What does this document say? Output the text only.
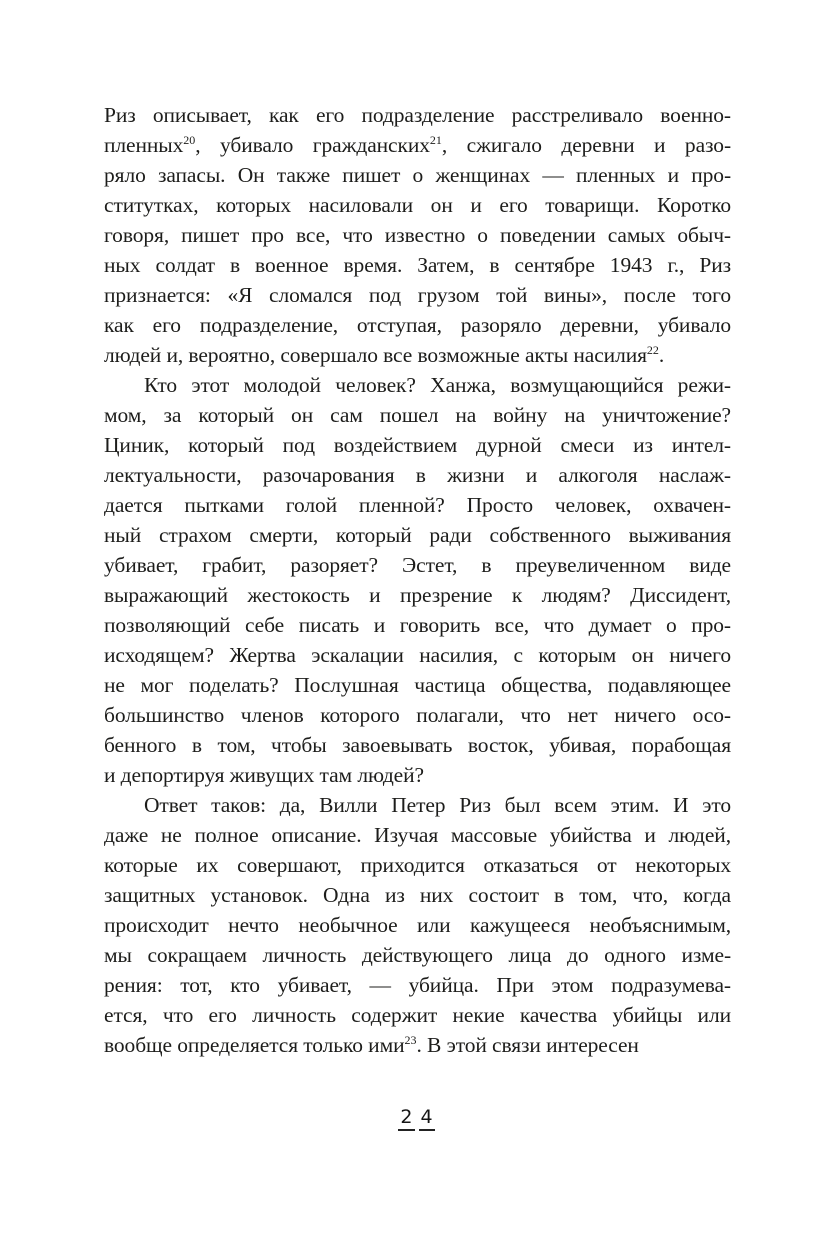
Риз описывает, как его подразделение расстреливало военно-
пленных$^{20}$, убивало гражданских$^{21}$, сжигало деревни и разо-
ряло запасы. Он также пишет о женщинах — пленных и про-
ститутках, которых насиловали он и его товарищи. Коротко
говоря, пишет про все, что известно о поведении самых обыч-
ных солдат в военное время. Затем, в сентябре 1943 г., Риз
признается: «Я сломался под грузом той вины», после того
как его подразделение, отступая, разоряло деревни, убивало
людей и, вероятно, совершало все возможные акты насилия$^{22}$.
Кто этот молодой человек? Ханжа, возмущающийся режи-
мом, за который он сам пошел на войну на уничтожение?
Циник, который под воздействием дурной смеси из интел-
лектуальности, разочарования в жизни и алкоголя наслаж-
дается пытками голой пленной? Просто человек, охвачен-
ный страхом смерти, который ради собственного выживания
убивает, грабит, разоряет? Эстет, в преувеличенном виде
выражающий жестокость и презрение к людям? Диссидент,
позволяющий себе писать и говорить все, что думает о про-
исходящем? Жертва эскалации насилия, с которым он ничего
не мог поделать? Послушная частица общества, подавляющее
большинство членов которого полагали, что нет ничего осо-
бенного в том, чтобы завоевывать восток, убивая, порабощая
и депортируя живущих там людей?
Ответ таков: да, Вилли Петер Риз был всем этим. И это
даже не полное описание. Изучая массовые убийства и людей,
которые их совершают, приходится отказаться от некоторых
защитных установок. Одна из них состоит в том, что, когда
происходит нечто необычное или кажущееся необъяснимым,
мы сокращаем личность действующего лица до одного изме-
рения: тот, кто убивает, — убийца. При этом подразумева-
ется, что его личность содержит некие качества убийцы или
вообще определяется только ими$^{23}$. В этой связи интересен
2 4
